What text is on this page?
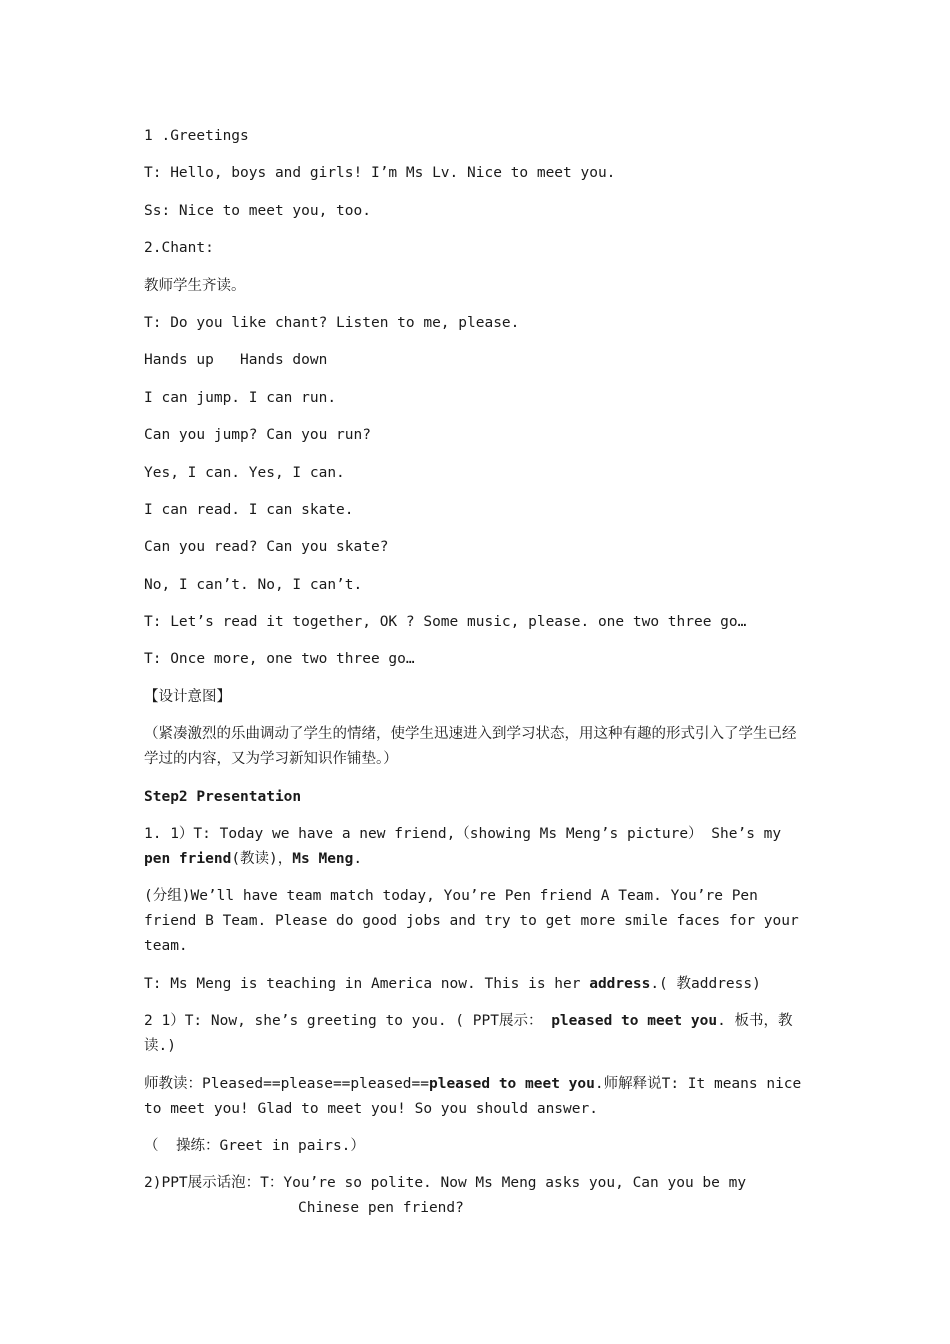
1 .Greetings

T: Hello, boys and girls! I’m Ms Lv. Nice to meet you.

Ss: Nice to meet you, too.

2.Chant:

教师学生齐读。

T: Do you like chant? Listen to me, please.

Hands up   Hands down

I can jump. I can run.

Can you jump? Can you run?

Yes, I can. Yes, I can.

I can read. I can skate.

Can you read? Can you skate?

No, I can’t. No, I can’t.

T: Let’s read it together, OK ? Some music, please. one two three go…

T: Once more, one two three go…

【设计意图】

（紧凑激烈的乐曲调动了学生的情绪，使学生迅速进入到学习状态，用这种有趣的形式引入了学生已经学过的内容，又为学习新知识作铺垫。）

Step2 Presentation

1. 1）T: Today we have a new friend,（showing Ms Meng’s picture） She’s my pen friend(教读)，Ms Meng.

(分组)We’ll have team match today, You’re Pen friend A Team. You’re Pen friend B Team. Please do good jobs and try to get more smile faces for your team.

T: Ms Meng is teaching in America now. This is her address.( 教address)

2 1）T: Now, she’s greeting to you. ( PPT展示： pleased to meet you. 板书，教读.)

师教读：Pleased==please==pleased==pleased to meet you.师解释说T: It means nice to meet you! Glad to meet you! So you should answer.

（  操练：Greet in pairs.）

2)PPT展示话泡：T：You’re so polite. Now Ms Meng asks you, Can you be my Chinese pen friend?
